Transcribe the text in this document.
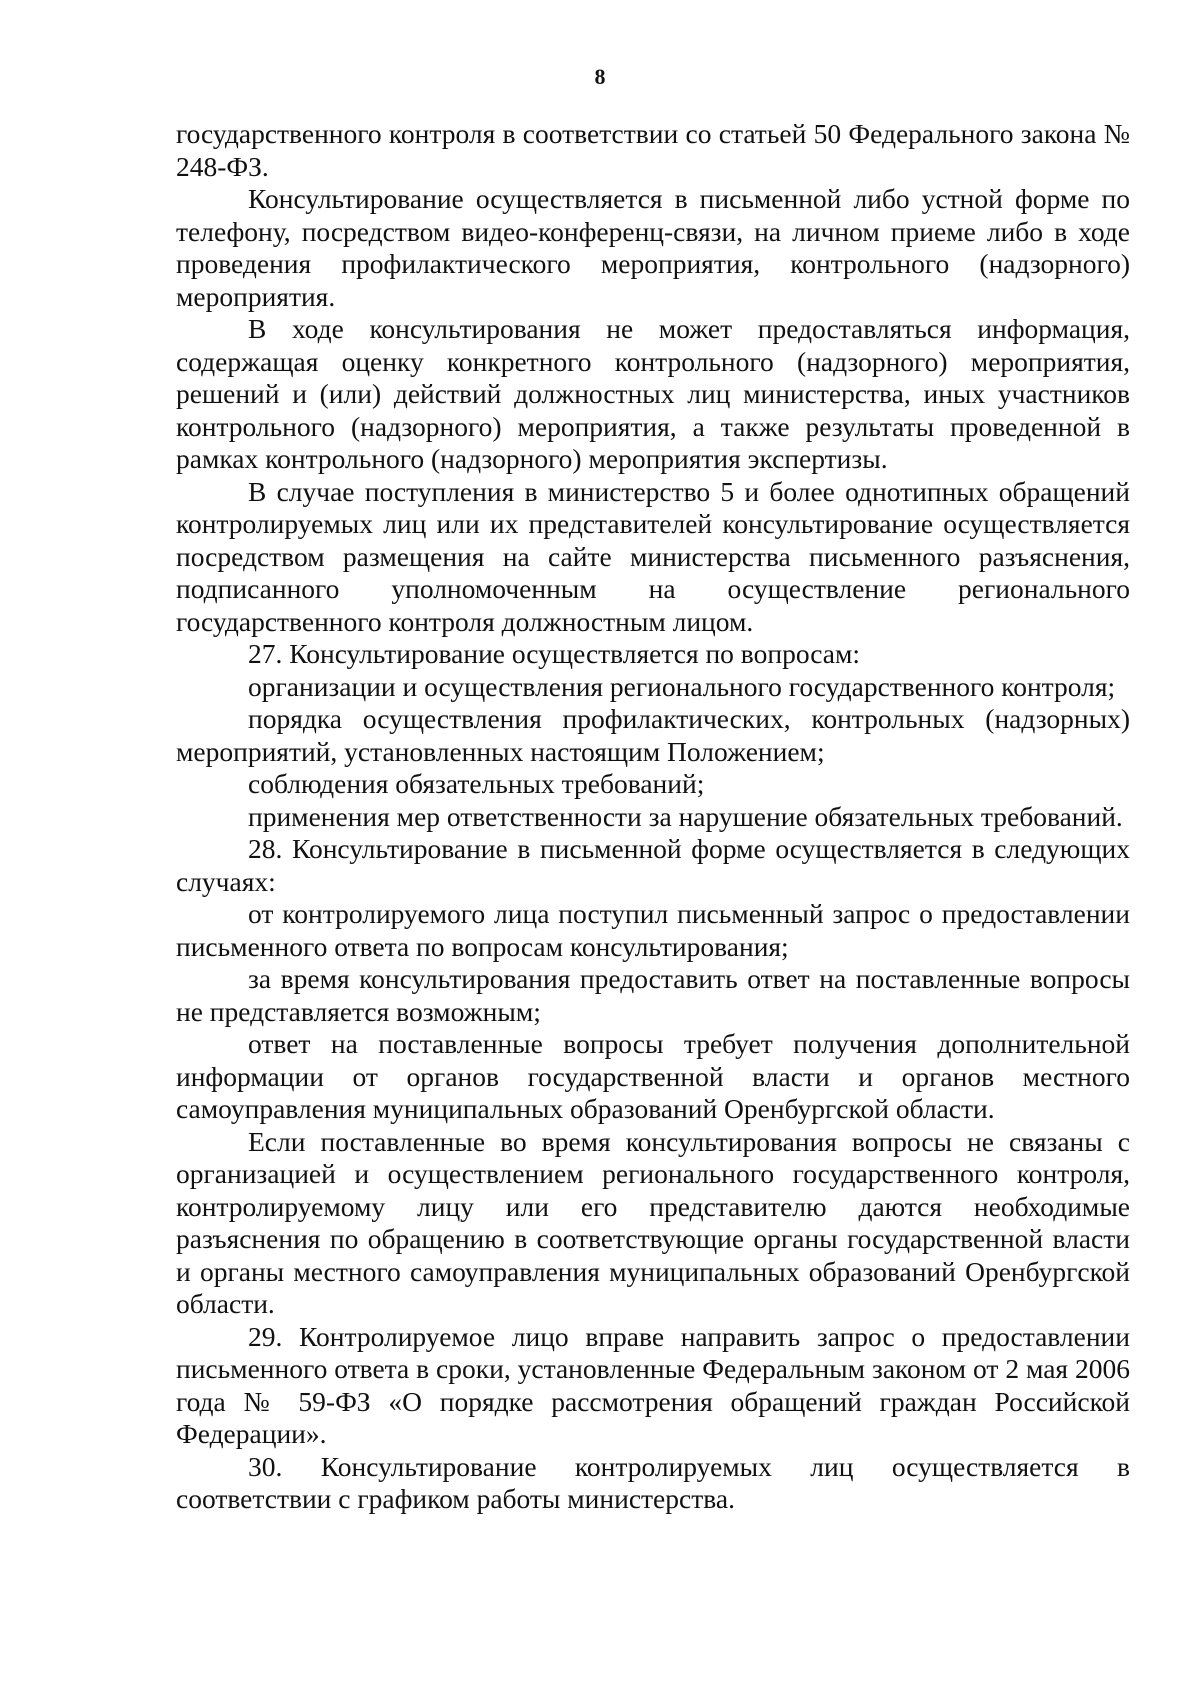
8

государственного контроля в соответствии со статьей 50 Федерального закона № 248-ФЗ.

Консультирование осуществляется в письменной либо устной форме по телефону, посредством видео-конференц-связи, на личном приеме либо в ходе проведения профилактического мероприятия, контрольного (надзорного) мероприятия.

В ходе консультирования не может предоставляться информация, содержащая оценку конкретного контрольного (надзорного) мероприятия, решений и (или) действий должностных лиц министерства, иных участников контрольного (надзорного) мероприятия, а также результаты проведенной в рамках контрольного (надзорного) мероприятия экспертизы.

В случае поступления в министерство 5 и более однотипных обращений контролируемых лиц или их представителей консультирование осуществляется посредством размещения на сайте министерства письменного разъяснения, подписанного уполномоченным на осуществление регионального государственного контроля должностным лицом.

27. Консультирование осуществляется по вопросам:

организации и осуществления регионального государственного контроля;

порядка осуществления профилактических, контрольных (надзорных) мероприятий, установленных настоящим Положением;

соблюдения обязательных требований;

применения мер ответственности за нарушение обязательных требований.

28. Консультирование в письменной форме осуществляется в следующих случаях:

от контролируемого лица поступил письменный запрос о предоставлении письменного ответа по вопросам консультирования;

за время консультирования предоставить ответ на поставленные вопросы не представляется возможным;

ответ на поставленные вопросы требует получения дополнительной информации от органов государственной власти и органов местного самоуправления муниципальных образований Оренбургской области.

Если поставленные во время консультирования вопросы не связаны с организацией и осуществлением регионального государственного контроля, контролируемому лицу или его представителю даются необходимые разъяснения по обращению в соответствующие органы государственной власти и органы местного самоуправления муниципальных образований Оренбургской области.

29. Контролируемое лицо вправе направить запрос о предоставлении письменного ответа в сроки, установленные Федеральным законом от 2 мая 2006 года № 59-ФЗ «О порядке рассмотрения обращений граждан Российской Федерации».

30. Консультирование контролируемых лиц осуществляется в соответствии с графиком работы министерства.
